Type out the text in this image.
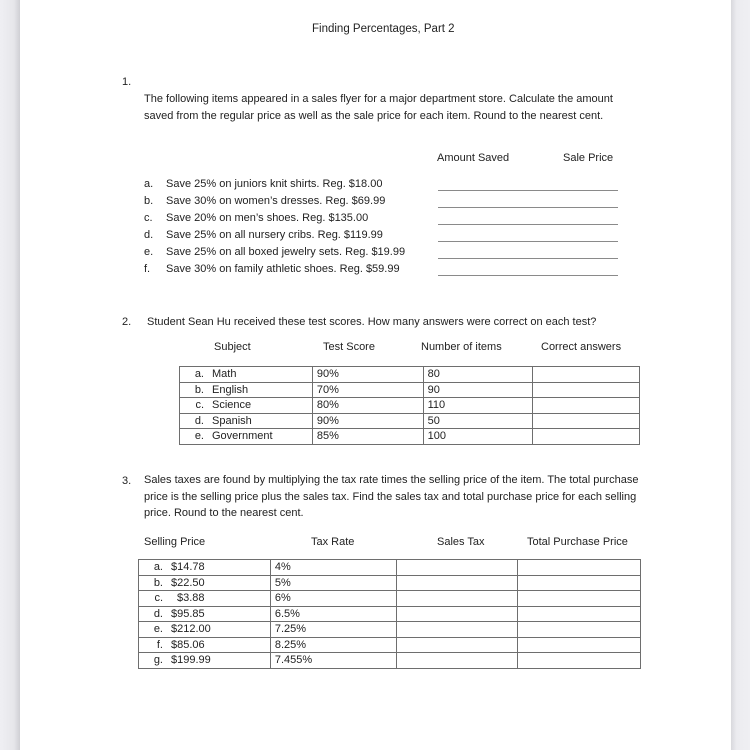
Finding Percentages, Part 2
1.
The following items appeared in a sales flyer for a major department store. Calculate the amount saved from the regular price as well as the sale price for each item. Round to the nearest cent.
Amount Saved	Sale Price
a. Save 25% on juniors knit shirts. Reg. $18.00
b. Save 30% on women’s dresses. Reg. $69.99
c. Save 20% on men’s shoes. Reg. $135.00
d. Save 25% on all nursery cribs. Reg. $119.99
e. Save 25% on all boxed jewelry sets. Reg. $19.99
f. Save 30% on family athletic shoes. Reg. $59.99
2. Student Sean Hu received these test scores. How many answers were correct on each test?
Subject	Test Score	Number of items	Correct answers
a. Math	90%	80	
b. English	70%	90	
c. Science	80%	110	
d. Spanish	90%	50	
e. Government	85%	100	
3. Sales taxes are found by multiplying the tax rate times the selling price of the item. The total purchase price is the selling price plus the sales tax. Find the sales tax and total purchase price for each selling price. Round to the nearest cent.
Selling Price	Tax Rate	Sales Tax	Total Purchase Price
a. $14.78	4%		
b. $22.50	5%		
c. $3.88	6%		
d. $95.85	6.5%		
e. $212.00	7.25%		
f. $85.06	8.25%		
g. $199.99	7.455%		
